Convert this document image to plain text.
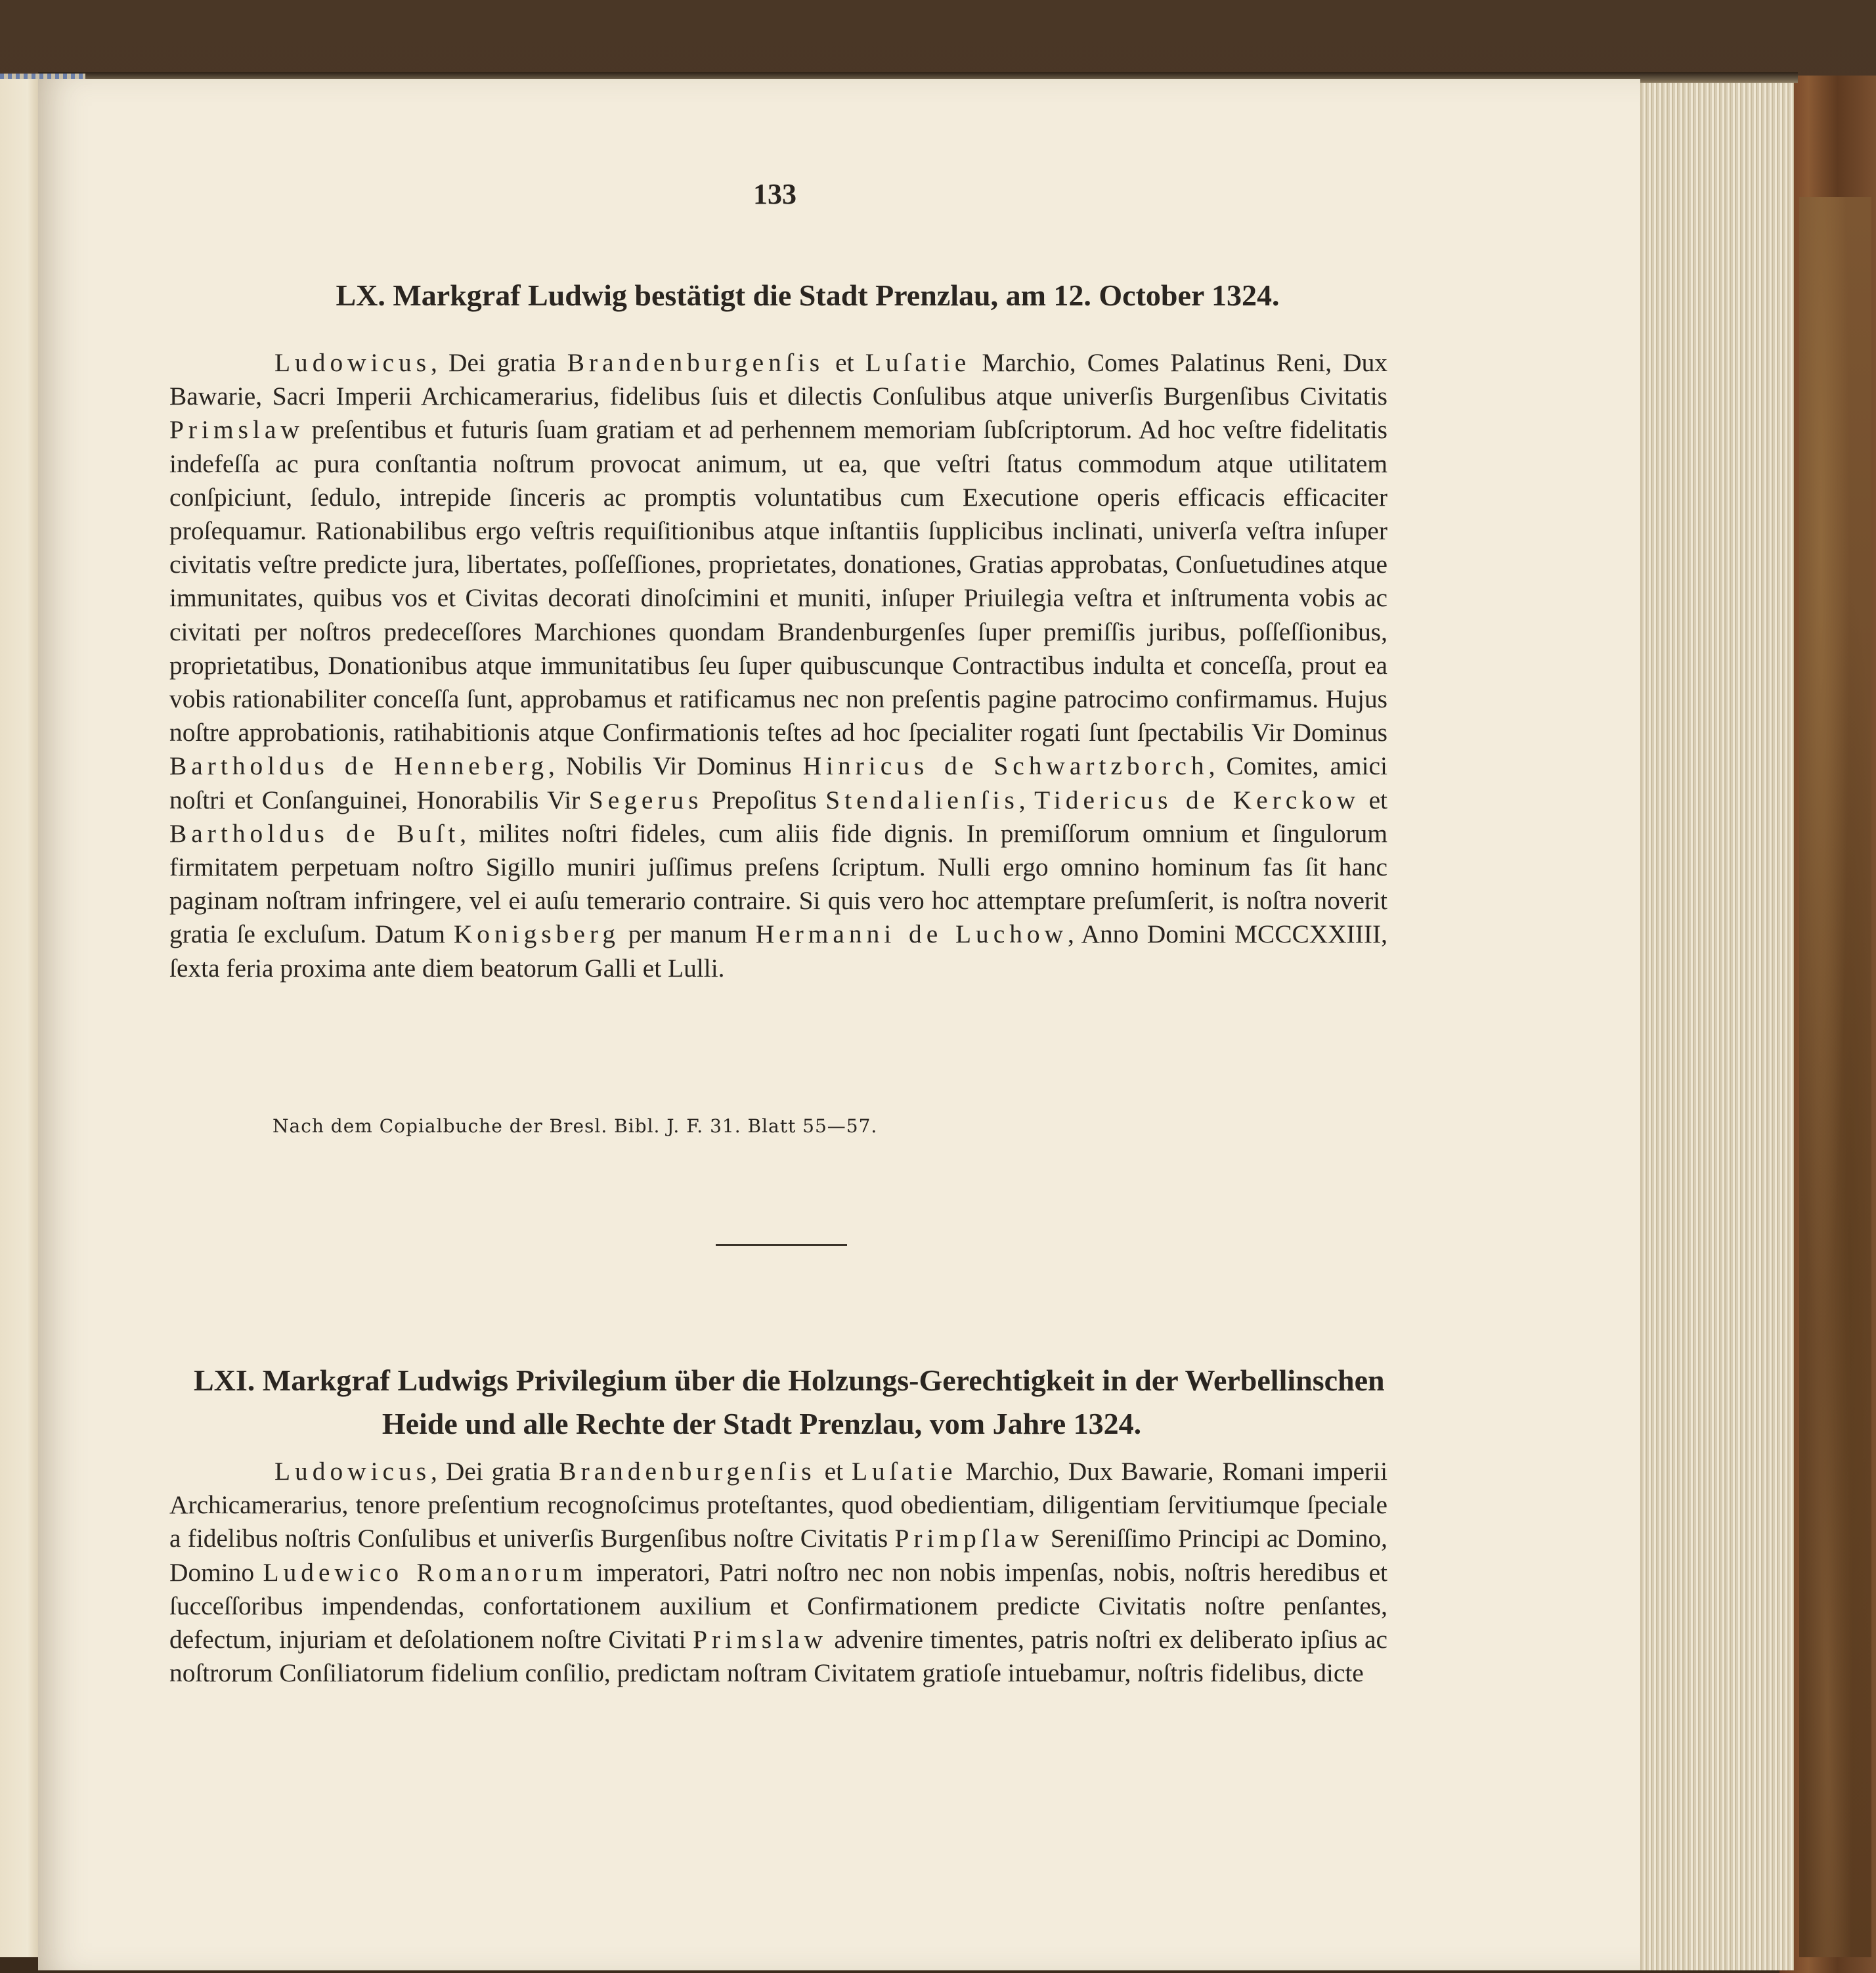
133
LX. Markgraf Ludwig bestätigt die Stadt Prenzlau, am 12. October 1324.

Ludowicus, Dei gratia Brandenburgenſis et Luſatie Marchio, Comes Palatinus Reni, Dux Bawarie, Sacri Imperii Archicamerarius, fidelibus ſuis et dilectis Conſulibus atque univerſis Burgenſibus Civitatis Primslaw preſentibus et futuris ſuam gratiam et ad perhennem memoriam ſubſcriptorum. Ad hoc veſtre fidelitatis indefeſſa ac pura conſtantia noſtrum provocat animum, ut ea, que veſtri ſtatus commodum atque utilitatem conſpiciunt, ſedulo, intrepide ſinceris ac promptis voluntatibus cum Executione operis efficacis efficaciter proſequamur. Rationabilibus ergo veſtris requiſitionibus atque inſtantiis ſupplicibus inclinati, univerſa veſtra inſuper civitatis veſtre predicte jura, libertates, poſſeſſiones, proprietates, donationes, Gratias approbatas, Conſuetudines atque immunitates, quibus vos et Civitas decorati dinoſcimini et muniti, inſuper Priuilegia veſtra et inſtrumenta vobis ac civitati per noſtros predeceſſores Marchiones quondam Brandenburgenſes ſuper premiſſis juribus, poſſeſſionibus, proprietatibus, Donationibus atque immunitatibus ſeu ſuper quibuscunque Contractibus indulta et conceſſa, prout ea vobis rationabiliter conceſſa ſunt, approbamus et ratificamus nec non preſentis pagine patrocimo confirmamus. Hujus noſtre approbationis, ratihabitionis atque Confirmationis teſtes ad hoc ſpecialiter rogati ſunt ſpectabilis Vir Dominus Bartholdus de Henneberg, Nobilis Vir Dominus Hinricus de Schwartzborch, Comites, amici noſtri et Conſanguinei, Honorabilis Vir Segerus Prepoſitus Stendalienſis, Tidericus de Kerckow et Bartholdus de Buſt, milites noſtri fideles, cum aliis fide dignis. In premiſſorum omnium et ſingulorum firmitatem perpetuam noſtro Sigillo muniri juſſimus preſens ſcriptum. Nulli ergo omnino hominum fas ſit hanc paginam noſtram infringere, vel ei auſu temerario contraire. Si quis vero hoc attemptare preſumſerit, is noſtra noverit gratia ſe excluſum. Datum Konigsberg per manum Hermanni de Luchow, Anno Domini MCCCXXIIII, ſexta feria proxima ante diem beatorum Galli et Lulli.

Nach dem Copialbuche der Bresl. Bibl. J. F. 31. Blatt 55—57.
LXI. Markgraf Ludwigs Privilegium über die Holzungs-Gerechtigkeit in der Werbellinschen
Heide und alle Rechte der Stadt Prenzlau, vom Jahre 1324.

Ludowicus, Dei gratia Brandenburgenſis et Luſatie Marchio, Dux Bawarie, Romani imperii Archicamerarius, tenore preſentium recognoſcimus proteſtantes, quod obedientiam, diligentiam ſervitiumque ſpeciale a fidelibus noſtris Conſulibus et univerſis Burgenſibus noſtre Civitatis Primpſlaw Sereniſſimo Principi ac Domino, Domino Ludewico Romanorum imperatori, Patri noſtro nec non nobis impenſas, nobis, noſtris heredibus et ſucceſſoribus impendendas, confortationem auxilium et Confirmationem predicte Civitatis noſtre penſantes, defectum, injuriam et deſolationem noſtre Civitati Primslaw advenire timentes, patris noſtri ex deliberato ipſius ac noſtrorum Conſiliatorum fidelium conſilio, predictam noſtram Civitatem gratioſe intuebamur, noſtris fidelibus, dicte
